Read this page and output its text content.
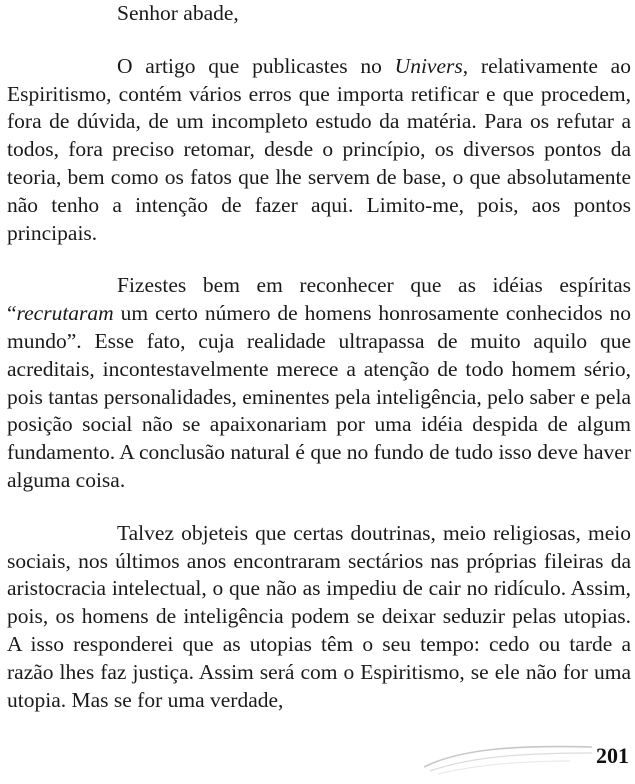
Senhor abade,

O artigo que publicastes no Univers, relativamente ao Espiritismo, contém vários erros que importa retificar e que procedem, fora de dúvida, de um incompleto estudo da matéria. Para os refutar a todos, fora preciso retomar, desde o princípio, os diversos pontos da teoria, bem como os fatos que lhe servem de base, o que absolutamente não tenho a intenção de fazer aqui. Limito-me, pois, aos pontos principais.

Fizestes bem em reconhecer que as idéias espíritas “recrutaram um certo número de homens honrosamente conhecidos no mundo”. Esse fato, cuja realidade ultrapassa de muito aquilo que acreditais, incontestavelmente merece a atenção de todo homem sério, pois tantas personalidades, eminentes pela inteligência, pelo saber e pela posição social não se apaixonariam por uma idéia despida de algum fundamento. A conclusão natural é que no fundo de tudo isso deve haver alguma coisa.

Talvez objeteis que certas doutrinas, meio religiosas, meio sociais, nos últimos anos encontraram sectários nas próprias fileiras da aristocracia intelectual, o que não as impediu de cair no ridículo. Assim, pois, os homens de inteligência podem se deixar seduzir pelas utopias. A isso responderei que as utopias têm o seu tempo: cedo ou tarde a razão lhes faz justiça. Assim será com o Espiritismo, se ele não for uma utopia. Mas se for uma verdade,

201
